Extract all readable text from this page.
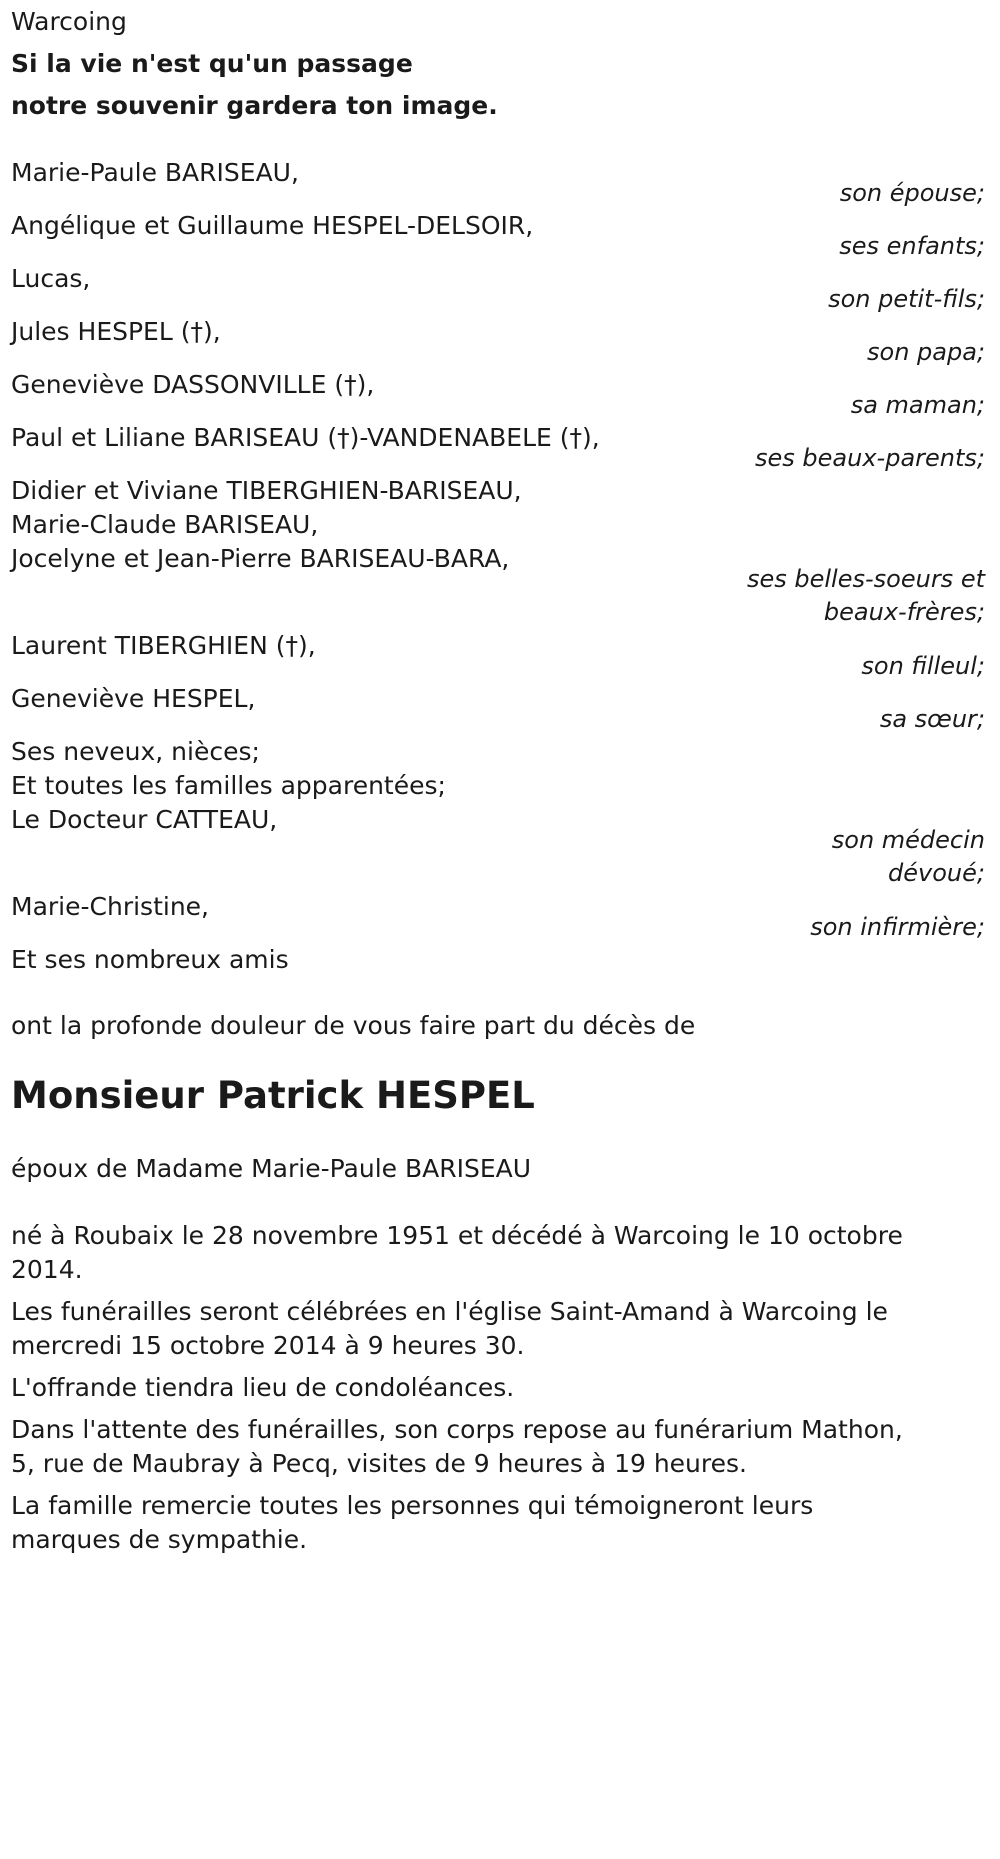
Warcoing
Si la vie n'est qu'un passage
notre souvenir gardera ton image.
Marie-Paule BARISEAU,
son épouse;
Angélique et Guillaume HESPEL-DELSOIR,
ses enfants;
Lucas,
son petit-fils;
Jules HESPEL (†),
son papa;
Geneviève DASSONVILLE (†),
sa maman;
Paul et Liliane BARISEAU (†)-VANDENABELE (†),
ses beaux-parents;
Didier et Viviane TIBERGHIEN-BARISEAU,
Marie-Claude BARISEAU,
Jocelyne et Jean-Pierre BARISEAU-BARA,
ses belles-soeurs et
beaux-frères;
Laurent TIBERGHIEN (†),
son filleul;
Geneviève HESPEL,
sa sœur;
Ses neveux, nièces;
Et toutes les familles apparentées;
Le Docteur CATTEAU,
son médecin
dévoué;
Marie-Christine,
son infirmière;
Et ses nombreux amis
ont la profonde douleur de vous faire part du décès de
Monsieur Patrick HESPEL
époux de Madame Marie-Paule BARISEAU
né à Roubaix le 28 novembre 1951 et décédé à Warcoing le 10 octobre
2014.
Les funérailles seront célébrées en l'église Saint-Amand à Warcoing le
mercredi 15 octobre 2014 à 9 heures 30.
L'offrande tiendra lieu de condoléances.
Dans l'attente des funérailles, son corps repose au funérarium Mathon,
5, rue de Maubray à Pecq, visites de 9 heures à 19 heures.
La famille remercie toutes les personnes qui témoigneront leurs
marques de sympathie.
